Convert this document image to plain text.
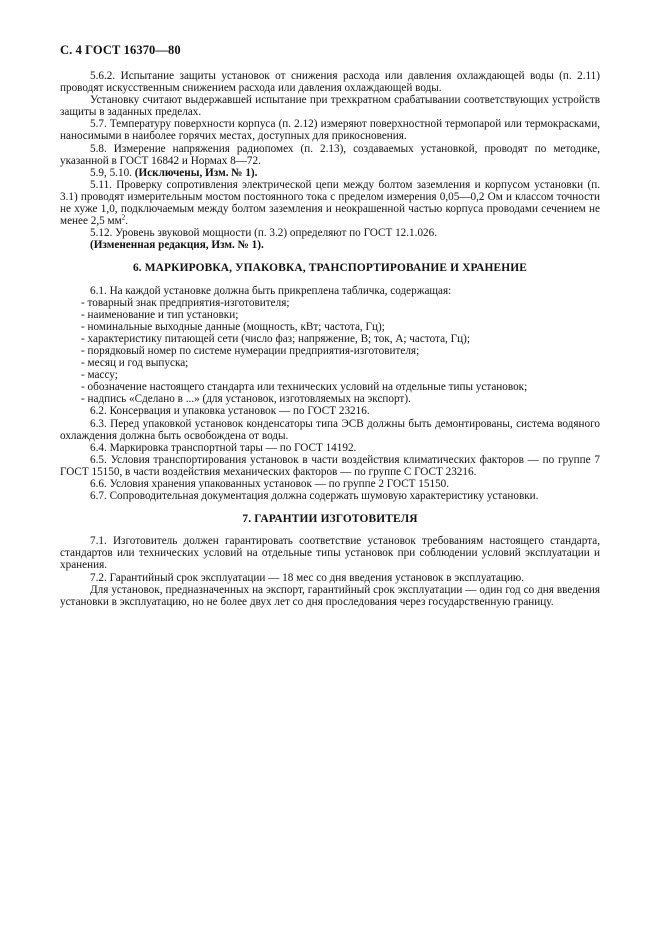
С. 4 ГОСТ 16370—80

5.6.2. Испытание защиты установок от снижения расхода или давления охлаждающей воды (п. 2.11) проводят искусственным снижением расхода или давления охлаждающей воды.

Установку считают выдержавшей испытание при трехкратном срабатывании соответствующих устройств защиты в заданных пределах.

5.7. Температуру поверхности корпуса (п. 2.12) измеряют поверхностной термопарой или термокрасками, наносимыми в наиболее горячих местах, доступных для прикосновения.

5.8. Измерение напряжения радиопомех (п. 2.13), создаваемых установкой, проводят по методике, указанной в ГОСТ 16842 и Нормах 8—72.

5.9, 5.10. (Исключены, Изм. № 1).

5.11. Проверку сопротивления электрической цепи между болтом заземления и корпусом установки (п. 3.1) проводят измерительным мостом постоянного тока с пределом измерения 0,05—0,2 Ом и классом точности не хуже 1,0, подключаемым между болтом заземления и неокрашенной частью корпуса проводами сечением не менее 2,5 $мм^2$.

5.12. Уровень звуковой мощности (п. 3.2) определяют по ГОСТ 12.1.026.

(Измененная редакция, Изм. № 1).

6. МАРКИРОВКА, УПАКОВКА, ТРАНСПОРТИРОВАНИЕ И ХРАНЕНИЕ

6.1. На каждой установке должна быть прикреплена табличка, содержащая:

- товарный знак предприятия-изготовителя;

- наименование и тип установки;

- номинальные выходные данные (мощность, кВт; частота, Гц);

- характеристику питающей сети (число фаз; напряжение, В; ток, А; частота, Гц);

- порядковый номер по системе нумерации предприятия-изготовителя;

- месяц и год выпуска;

- массу;

- обозначение настоящего стандарта или технических условий на отдельные типы установок;

- надпись «Сделано в ...» (для установок, изготовляемых на экспорт).

6.2. Консервация и упаковка установок — по ГОСТ 23216.

6.3. Перед упаковкой установок конденсаторы типа ЭСВ должны быть демонтированы, система водяного охлаждения должна быть освобождена от воды.

6.4. Маркировка транспортной тары — по ГОСТ 14192.

6.5. Условия транспортирования установок в части воздействия климатических факторов — по группе 7 ГОСТ 15150, в части воздействия механических факторов — по группе С ГОСТ 23216.

6.6. Условия хранения упакованных установок — по группе 2 ГОСТ 15150.

6.7. Сопроводительная документация должна содержать шумовую характеристику установки.

7. ГАРАНТИИ ИЗГОТОВИТЕЛЯ

7.1. Изготовитель должен гарантировать соответствие установок требованиям настоящего стандарта, стандартов или технических условий на отдельные типы установок при соблюдении условий эксплуатации и хранения.

7.2. Гарантийный срок эксплуатации — 18 мес со дня введения установок в эксплуатацию.

Для установок, предназначенных на экспорт, гарантийный срок эксплуатации — один год со дня введения установки в эксплуатацию, но не более двух лет со дня проследования через государственную границу.
